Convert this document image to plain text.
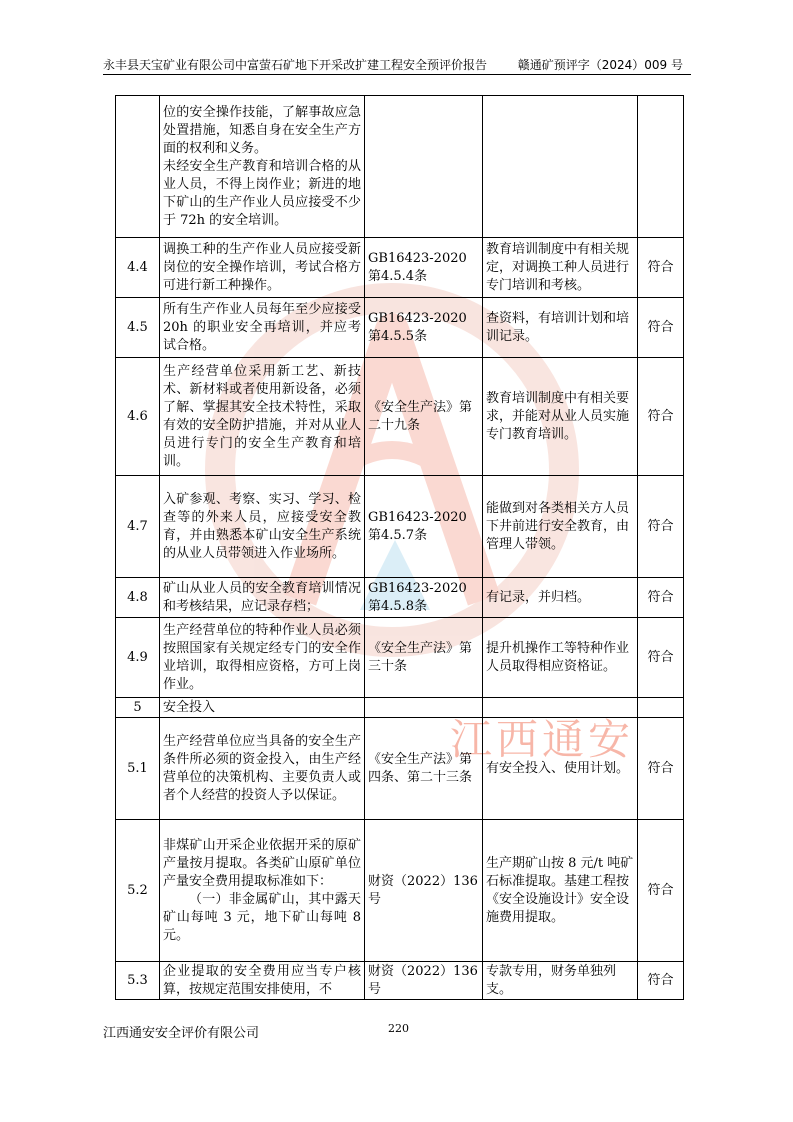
永丰县天宝矿业有限公司中富萤石矿地下开采改扩建工程安全预评价报告	赣通矿预评字（2024）009 号
江西通安

	位的安全操作技能，了解事故应急处置措施，知悉自身在安全生产方面的权利和义务。
未经安全生产教育和培训合格的从业人员，不得上岗作业；新进的地下矿山的生产作业人员应接受不少于 72h 的安全培训。			

4.4	调换工种的生产作业人员应接受新岗位的安全操作培训，考试合格方可进行新工种操作。	GB16423-2020第4.5.4条	教育培训制度中有相关规定，对调换工种人员进行专门培训和考核。	符合
4.5	所有生产作业人员每年至少应接受 20h 的职业安全再培训，并应考试合格。	GB16423-2020第4.5.5条	查资料，有培训计划和培训记录。	符合
4.6	生产经营单位采用新工艺、新技术、新材料或者使用新设备，必须了解、掌握其安全技术特性，采取有效的安全防护措施，并对从业人员进行专门的安全生产教育和培训。	《安全生产法》第二十九条	教育培训制度中有相关要求，并能对从业人员实施专门教育培训。	符合
4.7	入矿参观、考察、实习、学习、检查等的外来人员，应接受安全教育，并由熟悉本矿山安全生产系统的从业人员带领进入作业场所。	GB16423-2020第4.5.7条	能做到对各类相关方人员下井前进行安全教育，由管理人带领。	符合
4.8	矿山从业人员的安全教育培训情况和考核结果，应记录存档；	GB16423-2020第4.5.8条	有记录，并归档。	符合
4.9	生产经营单位的特种作业人员必须按照国家有关规定经专门的安全作业培训，取得相应资格，方可上岗作业。	《安全生产法》第三十条	提升机操作工等特种作业人员取得相应资格证。	符合
5	安全投入			
5.1	生产经营单位应当具备的安全生产条件所必须的资金投入，由生产经营单位的决策机构、主要负责人或者个人经营的投资人予以保证。	《安全生产法》第四条、第二十三条	有安全投入、使用计划。	符合
5.2	非煤矿山开采企业依据开采的原矿产量按月提取。各类矿山原矿单位产量安全费用提取标准如下：
（一）非金属矿山，其中露天矿山每吨 3 元，地下矿山每吨 8 元。	财资（2022）136号	生产期矿山按 8 元/t 吨矿石标准提取。基建工程按《安全设施设计》安全设施费用提取。	符合
5.3	企业提取的安全费用应当专户核算，按规定范围安排使用，不	财资（2022）136号	专款专用，财务单独列支。	符合
江西通安安全评价有限公司	220
